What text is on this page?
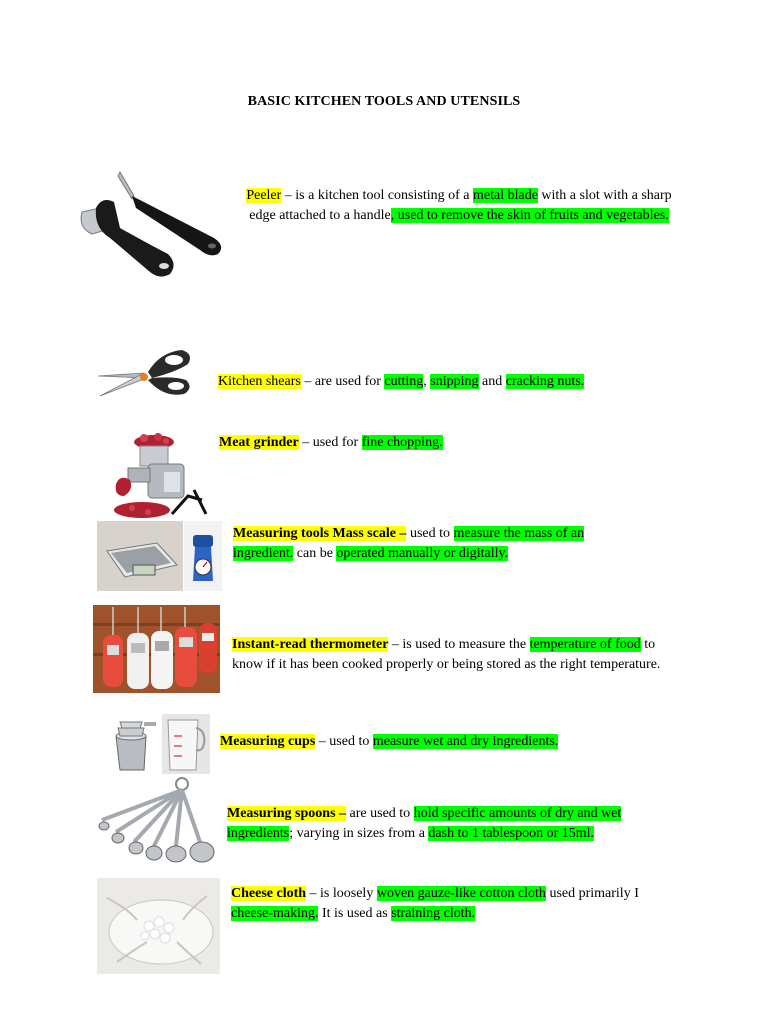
BASIC KITCHEN TOOLS AND UTENSILS
Peeler – is a kitchen tool consisting of a metal blade with a slot with a sharp edge attached to a handle, used to remove the skin of fruits and vegetables.
Kitchen shears – are used for cutting, snipping and cracking nuts.
Meat grinder – used for fine chopping.
Measuring tools Mass scale – used to measure the mass of an ingredient. can be operated manually or digitally.
Instant-read thermometer – is used to measure the temperature of food to know if it has been cooked properly or being stored as the right temperature.
Measuring cups – used to measure wet and dry ingredients.
Measuring spoons – are used to hold specific amounts of dry and wet ingredients; varying in sizes from a dash to 1 tablespoon or 15ml.
Cheese cloth – is loosely woven gauze-like cotton cloth used primarily I cheese-making. It is used as straining cloth.
